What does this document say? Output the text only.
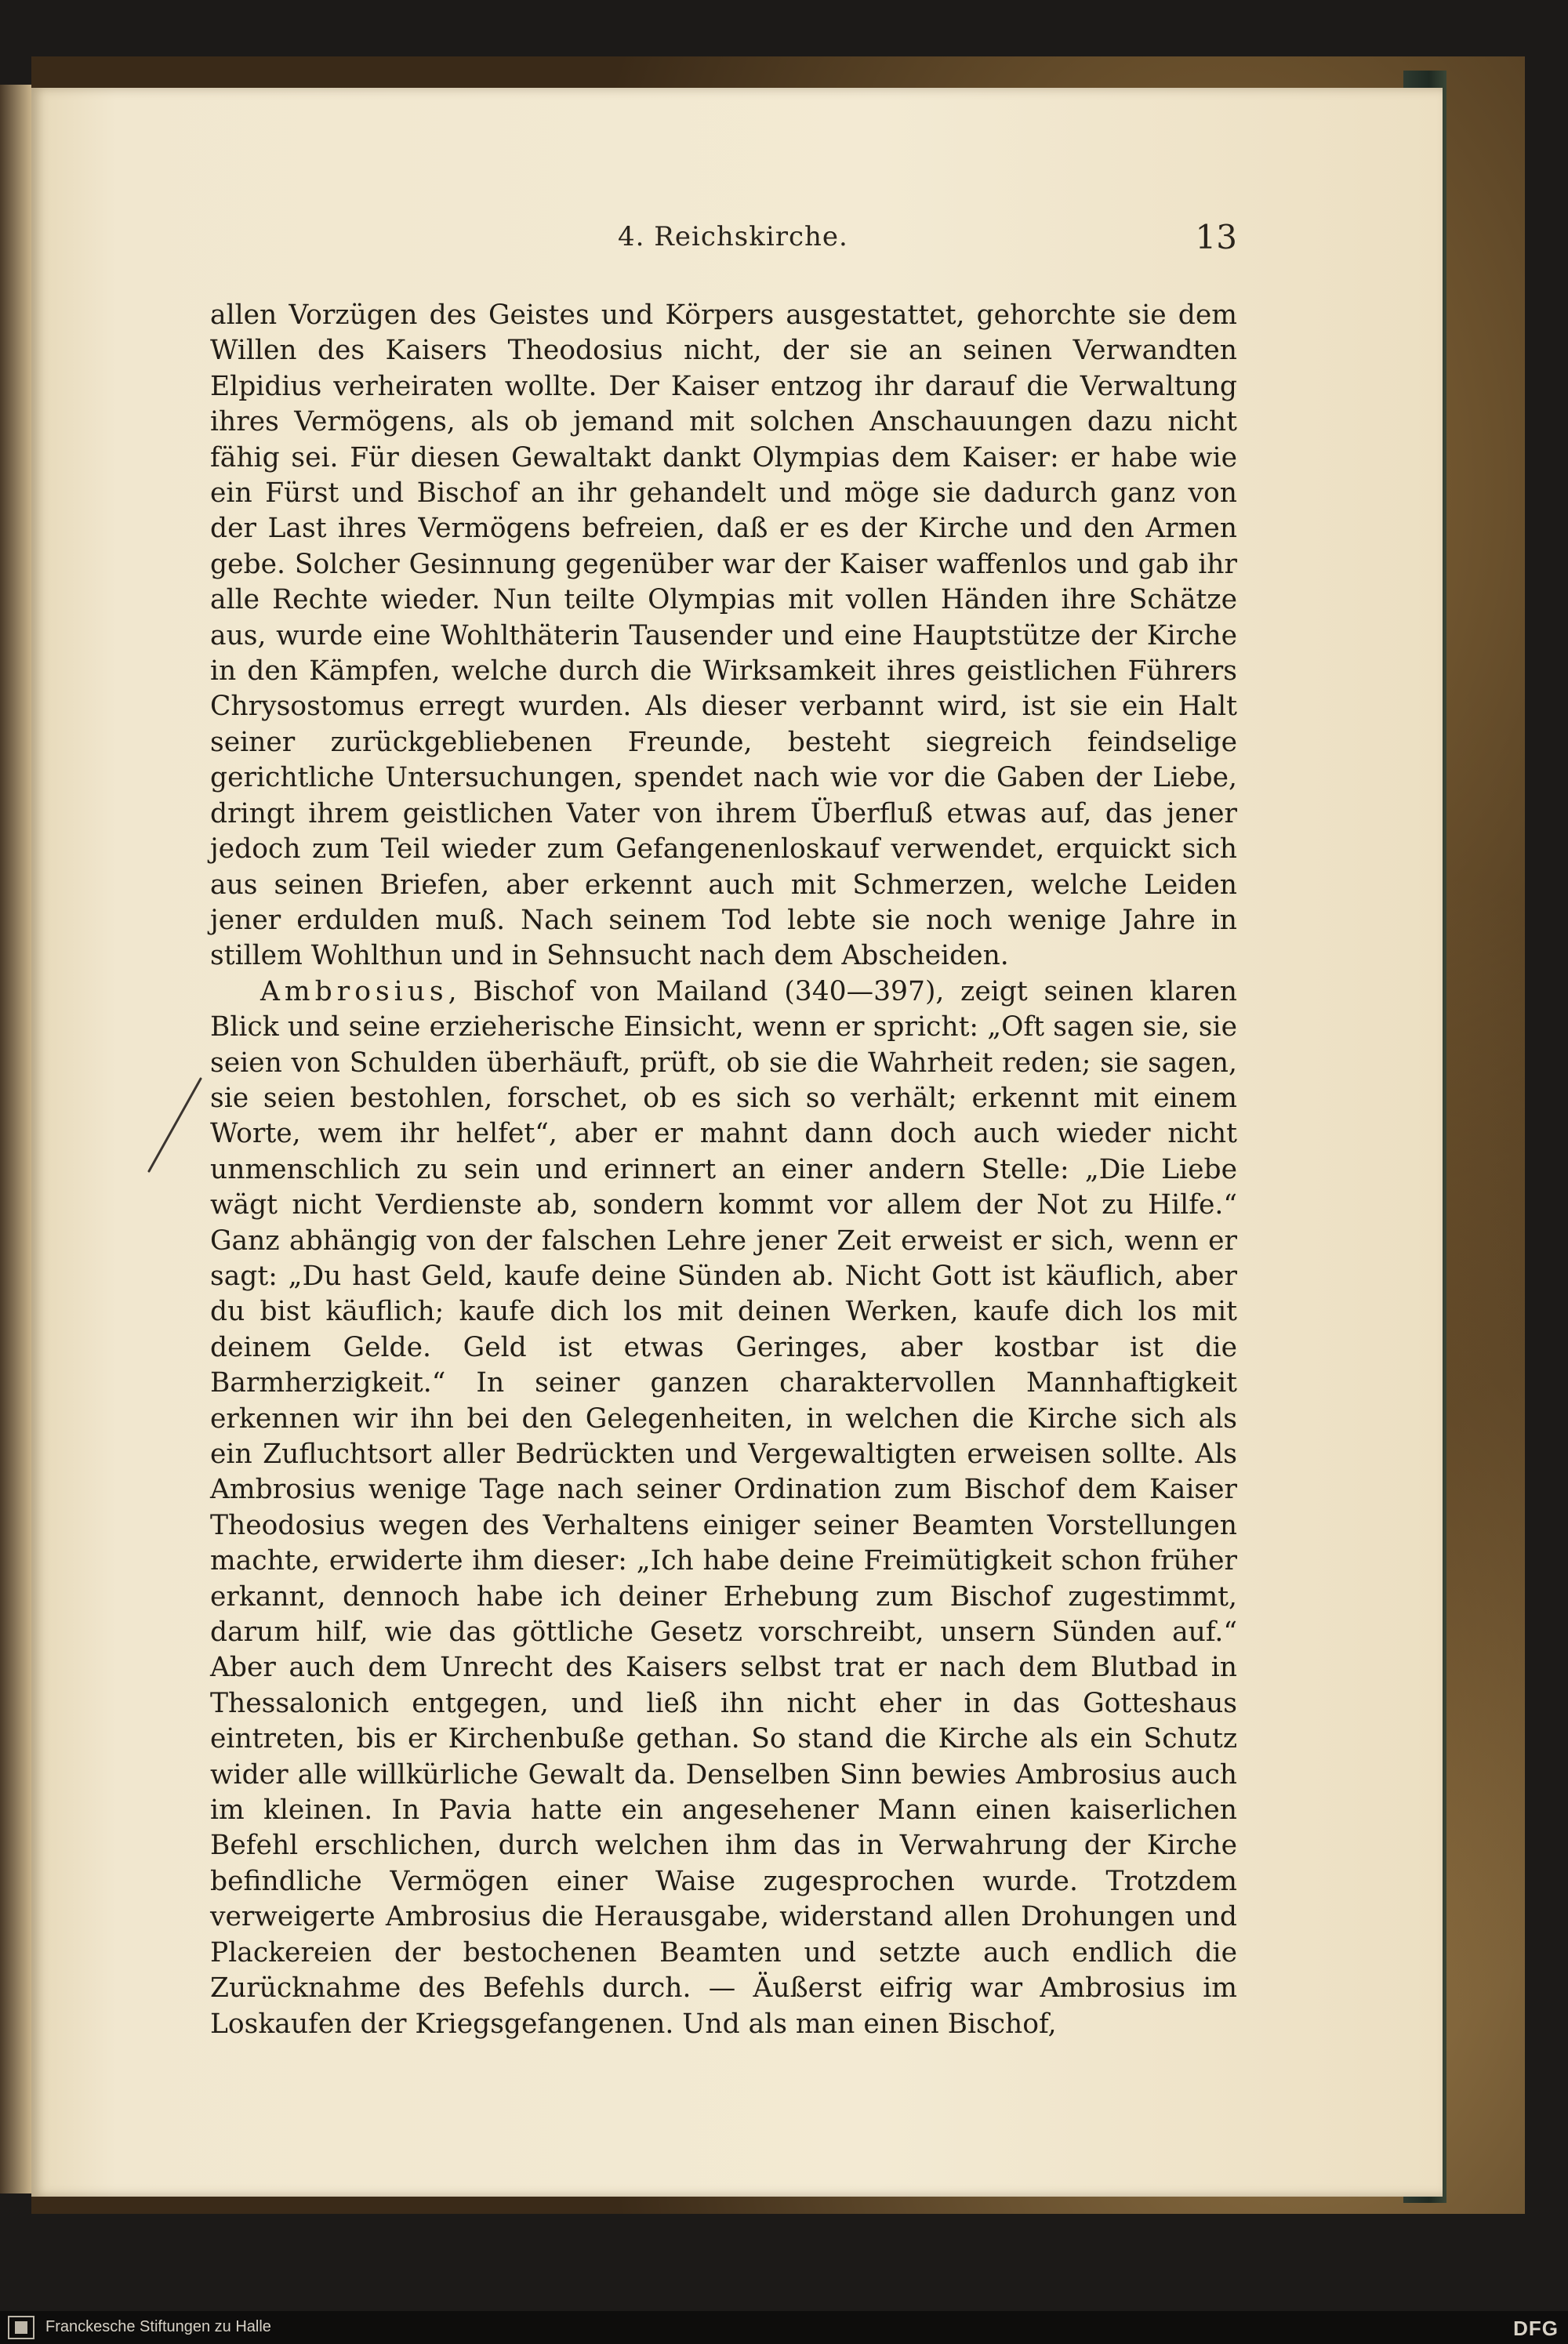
4. Reichskirche.	13

allen Vorzügen des Geistes und Körpers ausgestattet, gehorchte sie dem Willen des Kaisers Theodosius nicht, der sie an seinen Verwandten Elpidius verheiraten wollte. Der Kaiser entzog ihr darauf die Verwaltung ihres Vermögens, als ob jemand mit solchen Anschauungen dazu nicht fähig sei. Für diesen Gewaltakt dankt Olympias dem Kaiser: er habe wie ein Fürst und Bischof an ihr gehandelt und möge sie dadurch ganz von der Last ihres Vermögens befreien, daß er es der Kirche und den Armen gebe. Solcher Gesinnung gegenüber war der Kaiser waffenlos und gab ihr alle Rechte wieder. Nun teilte Olympias mit vollen Händen ihre Schätze aus, wurde eine Wohlthäterin Tausender und eine Hauptstütze der Kirche in den Kämpfen, welche durch die Wirksamkeit ihres geistlichen Führers Chrysostomus erregt wurden. Als dieser verbannt wird, ist sie ein Halt seiner zurückgebliebenen Freunde, besteht siegreich feindselige gerichtliche Untersuchungen, spendet nach wie vor die Gaben der Liebe, dringt ihrem geistlichen Vater von ihrem Überfluß etwas auf, das jener jedoch zum Teil wieder zum Gefangenenloskauf verwendet, erquickt sich aus seinen Briefen, aber erkennt auch mit Schmerzen, welche Leiden jener erdulden muß. Nach seinem Tod lebte sie noch wenige Jahre in stillem Wohlthun und in Sehnsucht nach dem Abscheiden.

Ambrosius, Bischof von Mailand (340—397), zeigt seinen klaren Blick und seine erzieherische Einsicht, wenn er spricht: „Oft sagen sie, sie seien von Schulden überhäuft, prüft, ob sie die Wahrheit reden; sie sagen, sie seien bestohlen, forschet, ob es sich so verhält; erkennt mit einem Worte, wem ihr helfet“, aber er mahnt dann doch auch wieder nicht unmenschlich zu sein und erinnert an einer andern Stelle: „Die Liebe wägt nicht Verdienste ab, sondern kommt vor allem der Not zu Hilfe.“ Ganz abhängig von der falschen Lehre jener Zeit erweist er sich, wenn er sagt: „Du hast Geld, kaufe deine Sünden ab. Nicht Gott ist käuflich, aber du bist käuflich; kaufe dich los mit deinen Werken, kaufe dich los mit deinem Gelde. Geld ist etwas Geringes, aber kostbar ist die Barmherzigkeit.“ In seiner ganzen charaktervollen Mannhaftigkeit erkennen wir ihn bei den Gelegenheiten, in welchen die Kirche sich als ein Zufluchtsort aller Bedrückten und Vergewaltigten erweisen sollte. Als Ambrosius wenige Tage nach seiner Ordination zum Bischof dem Kaiser Theodosius wegen des Verhaltens einiger seiner Beamten Vorstellungen machte, erwiderte ihm dieser: „Ich habe deine Freimütigkeit schon früher erkannt, dennoch habe ich deiner Erhebung zum Bischof zugestimmt, darum hilf, wie das göttliche Gesetz vorschreibt, unsern Sünden auf.“ Aber auch dem Unrecht des Kaisers selbst trat er nach dem Blutbad in Thessalonich entgegen, und ließ ihn nicht eher in das Gotteshaus eintreten, bis er Kirchenbuße gethan. So stand die Kirche als ein Schutz wider alle willkürliche Gewalt da. Denselben Sinn bewies Ambrosius auch im kleinen. In Pavia hatte ein angesehener Mann einen kaiserlichen Befehl erschlichen, durch welchen ihm das in Verwahrung der Kirche befindliche Vermögen einer Waise zugesprochen wurde. Trotzdem verweigerte Ambrosius die Herausgabe, widerstand allen Drohungen und Plackereien der bestochenen Beamten und setzte auch endlich die Zurücknahme des Befehls durch. — Äußerst eifrig war Ambrosius im Loskaufen der Kriegsgefangenen. Und als man einen Bischof,

Franckesche Stiftungen zu Halle	DFG
